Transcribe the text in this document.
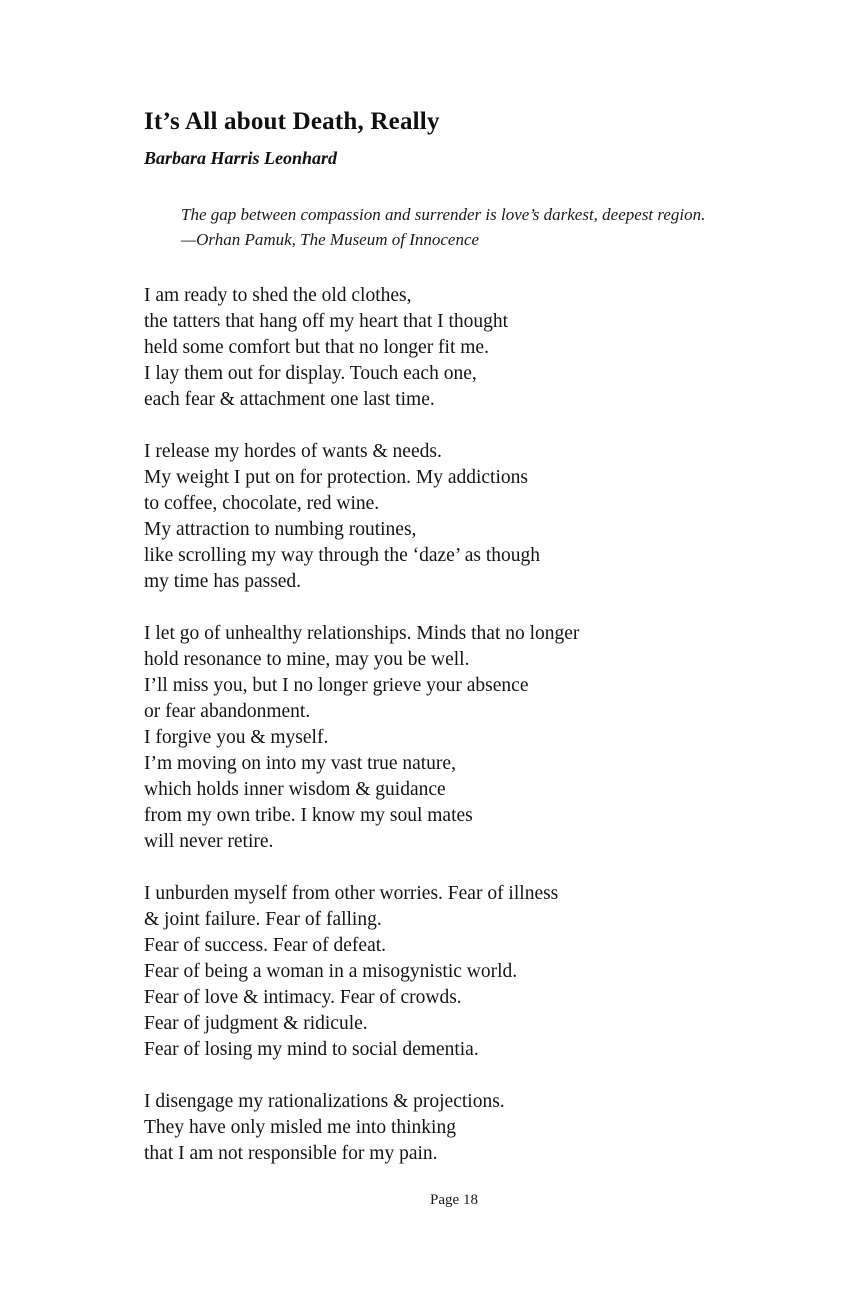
It’s All about Death, Really
Barbara Harris Leonhard
The gap between compassion and surrender is love’s darkest, deepest region.
—Orhan Pamuk, The Museum of Innocence
I am ready to shed the old clothes,
the tatters that hang off my heart that I thought
held some comfort but that no longer fit me.
I lay them out for display. Touch each one,
each fear & attachment one last time.
I release my hordes of wants & needs.
My weight I put on for protection. My addictions
to coffee, chocolate, red wine.
My attraction to numbing routines,
like scrolling my way through the ‘daze’ as though
my time has passed.
I let go of unhealthy relationships. Minds that no longer
hold resonance to mine, may you be well.
I’ll miss you, but I no longer grieve your absence
or fear abandonment.
I forgive you & myself.
I’m moving on into my vast true nature,
which holds inner wisdom & guidance
from my own tribe. I know my soul mates
will never retire.
I unburden myself from other worries. Fear of illness
& joint failure. Fear of falling.
Fear of success. Fear of defeat.
Fear of being a woman in a misogynistic world.
Fear of love & intimacy. Fear of crowds.
Fear of judgment & ridicule.
Fear of losing my mind to social dementia.
I disengage my rationalizations & projections.
They have only misled me into thinking
that I am not responsible for my pain.
Page 18
